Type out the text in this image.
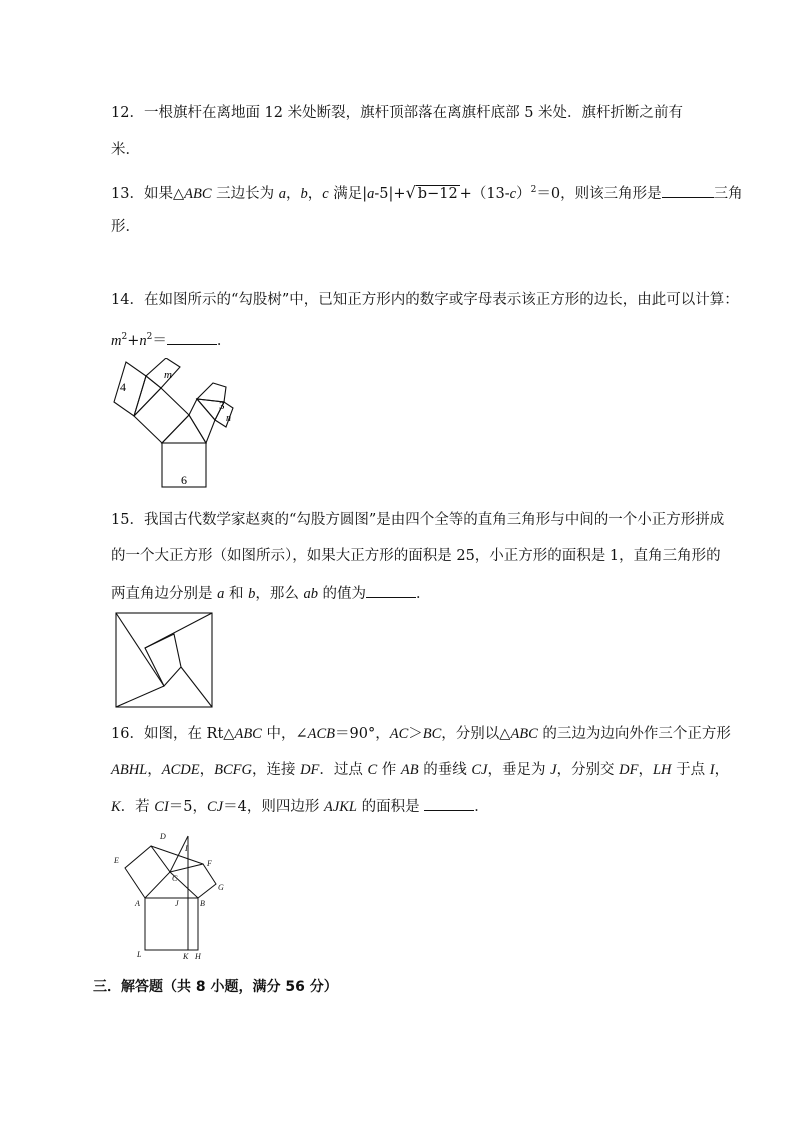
12．一根旗杆在离地面 12 米处断裂，旗杆顶部落在离旗杆底部 5 米处．旗杆折断之前有
米．
13．如果△ABC 三边长为 a，b，c 满足|a-5|+√ $b-12 +(13-c)^2=0$，则该三角形是	三角
形．
14．在如图所示的“勾股树”中，已知正方形内的数字或字母表示该正方形的边长，由此可以计算：
$m^2+n^2=$	．
4
m
3
n
6
15．我国古代数学家赵爽的“勾股方圆图”是由四个全等的直角三角形与中间的一个小正方形拼成
的一个大正方形（如图所示），如果大正方形的面积是 25，小正方形的面积是 1，直角三角形的
两直角边分别是 a 和 b，那么 ab 的值为	．
16．如图，在 Rt△ABC 中，∠ACB＝90°，AC＞BC，分别以△ABC 的三边为边向外作三个正方形
ABHL，ACDE，BCFG，连接 DF．过点 C 作 AB 的垂线 CJ，垂足为 J，分别交 DF，LH 于点 I，
K．若 CI＝5，CJ＝4，则四边形 AJKL 的面积是	．
D
I
E	F
C
G
A	J	B
L	K H
三．解答题（共 8 小题，满分 56 分）
